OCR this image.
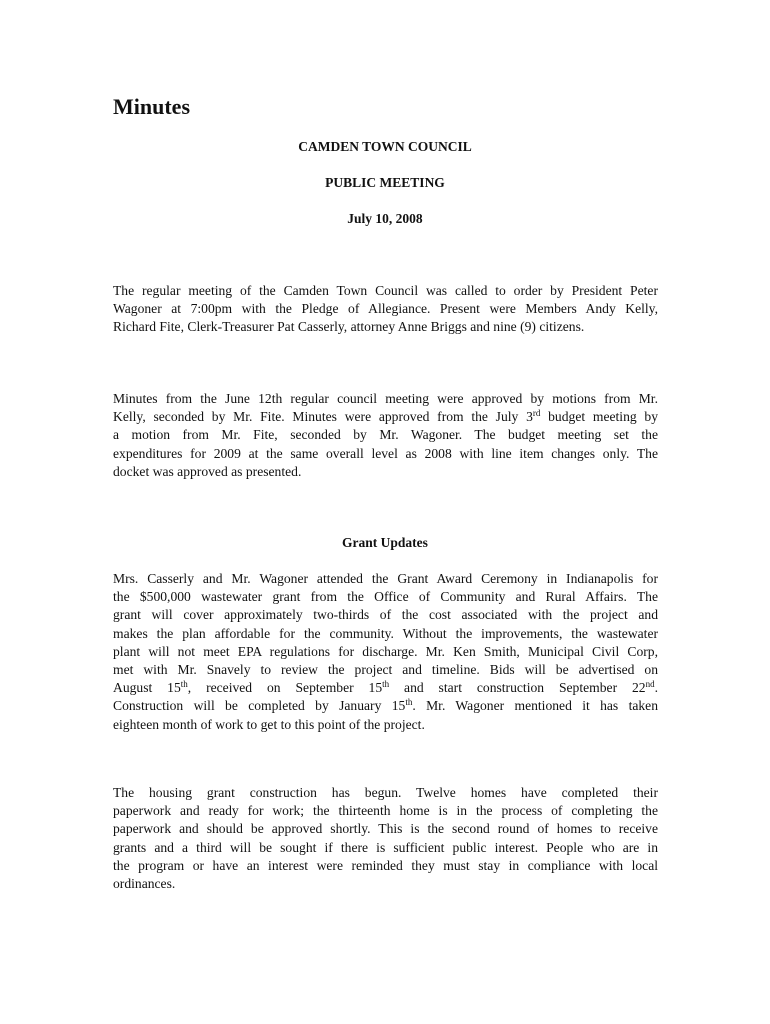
Minutes

CAMDEN TOWN COUNCIL

PUBLIC MEETING

July 10, 2008

The regular meeting of the Camden Town Council was called to order by President Peter
Wagoner at 7:00pm with the Pledge of Allegiance. Present were Members Andy Kelly,
Richard Fite, Clerk-Treasurer Pat Casserly, attorney Anne Briggs and nine (9) citizens.
Minutes from the June 12th regular council meeting were approved by motions from Mr.
Kelly, seconded by Mr. Fite. Minutes were approved from the July 3rd budget meeting by
a motion from Mr. Fite, seconded by Mr. Wagoner. The budget meeting set the
expenditures for 2009 at the same overall level as 2008 with line item changes only. The
docket was approved as presented.

Grant Updates

Mrs. Casserly and Mr. Wagoner attended the Grant Award Ceremony in Indianapolis for
the $500,000 wastewater grant from the Office of Community and Rural Affairs. The
grant will cover approximately two-thirds of the cost associated with the project and
makes the plan affordable for the community. Without the improvements, the wastewater
plant will not meet EPA regulations for discharge. Mr. Ken Smith, Municipal Civil Corp,
met with Mr. Snavely to review the project and timeline. Bids will be advertised on
August 15th, received on September 15th and start construction September 22nd.
Construction will be completed by January 15th. Mr. Wagoner mentioned it has taken
eighteen month of work to get to this point of the project.
The housing grant construction has begun. Twelve homes have completed their
paperwork and ready for work; the thirteenth home is in the process of completing the
paperwork and should be approved shortly. This is the second round of homes to receive
grants and a third will be sought if there is sufficient public interest. People who are in
the program or have an interest were reminded they must stay in compliance with local
ordinances.
